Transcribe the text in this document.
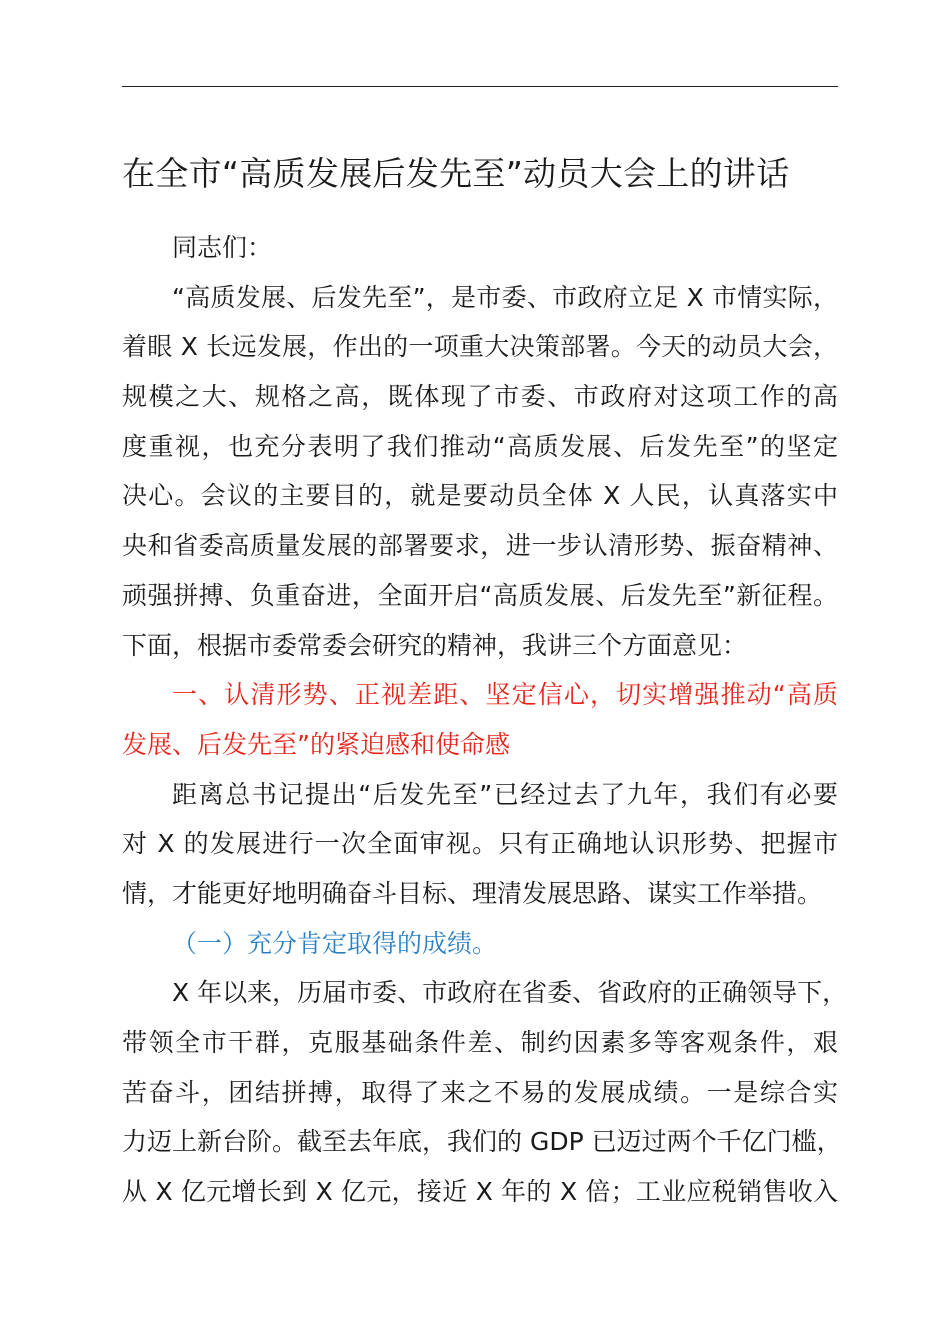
在全市“高质发展后发先至”动员大会上的讲话
同志们：
“高质发展、后发先至”，是市委、市政府立足 X 市情实际，
着眼 X 长远发展，作出的一项重大决策部署。今天的动员大会，
规模之大、规格之高，既体现了市委、市政府对这项工作的高
度重视，也充分表明了我们推动“高质发展、后发先至”的坚定
决心。会议的主要目的，就是要动员全体 X 人民，认真落实中
央和省委高质量发展的部署要求，进一步认清形势、振奋精神、
顽强拼搏、负重奋进，全面开启“高质发展、后发先至”新征程。
下面，根据市委常委会研究的精神，我讲三个方面意见：
一、认清形势、正视差距、坚定信心，切实增强推动“高质
发展、后发先至”的紧迫感和使命感
距离总书记提出“后发先至”已经过去了九年，我们有必要
对 X 的发展进行一次全面审视。只有正确地认识形势、把握市
情，才能更好地明确奋斗目标、理清发展思路、谋实工作举措。
（一）充分肯定取得的成绩。
X 年以来，历届市委、市政府在省委、省政府的正确领导下，
带领全市干群，克服基础条件差、制约因素多等客观条件，艰
苦奋斗，团结拼搏，取得了来之不易的发展成绩。一是综合实
力迈上新台阶。截至去年底，我们的 GDP 已迈过两个千亿门槛，
从 X 亿元增长到 X 亿元，接近 X 年的 X 倍；工业应税销售收入
